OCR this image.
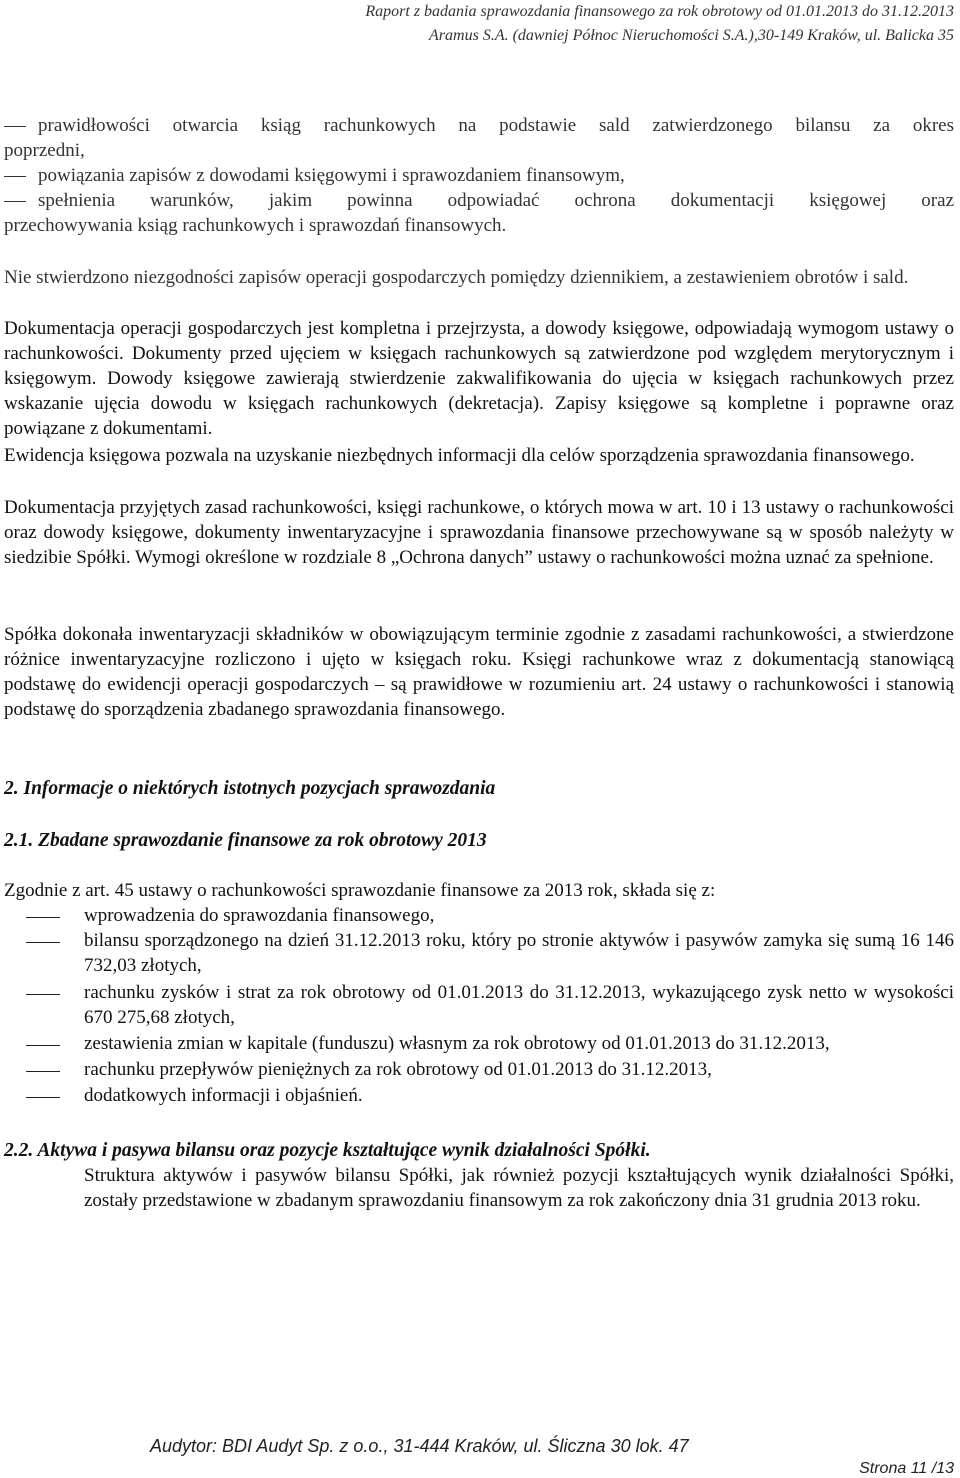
Raport z badania sprawozdania finansowego za rok obrotowy od 01.01.2013 do 31.12.2013
Aramus S.A. (dawniej Północ Nieruchomości S.A.),30-149 Kraków, ul. Balicka 35

prawidłowości otwarcia ksiąg rachunkowych na podstawie sald zatwierdzonego bilansu za okres

poprzedni,

powiązania zapisów z dowodami księgowymi i sprawozdaniem finansowym,

spełnienia warunków, jakim powinna odpowiadać ochrona dokumentacji księgowej oraz

przechowywania ksiąg rachunkowych i sprawozdań finansowych.

Nie stwierdzono niezgodności zapisów operacji gospodarczych pomiędzy dziennikiem, a zestawieniem obrotów i sald.

Dokumentacja operacji gospodarczych jest kompletna i przejrzysta, a dowody księgowe, odpowiadają wymogom ustawy o rachunkowości. Dokumenty przed ujęciem w księgach rachunkowych są zatwierdzone pod względem merytorycznym i księgowym. Dowody księgowe zawierają stwierdzenie zakwalifikowania do ujęcia w księgach rachunkowych przez wskazanie ujęcia dowodu w księgach rachunkowych (dekretacja). Zapisy księgowe są kompletne i poprawne oraz powiązane z dokumentami.

Ewidencja księgowa pozwala na uzyskanie niezbędnych informacji dla celów sporządzenia sprawozdania finansowego.

Dokumentacja przyjętych zasad rachunkowości, księgi rachunkowe, o których mowa w art. 10 i 13 ustawy o rachunkowości oraz dowody księgowe, dokumenty inwentaryzacyjne i sprawozdania finansowe przechowywane są w sposób należyty w siedzibie Spółki. Wymogi określone w rozdziale 8 „Ochrona danych” ustawy o rachunkowości można uznać za spełnione.

Spółka dokonała inwentaryzacji składników w obowiązującym terminie zgodnie z zasadami rachunkowości, a stwierdzone różnice inwentaryzacyjne rozliczono i ujęto w księgach roku. Księgi rachunkowe wraz z dokumentacją stanowiącą podstawę do ewidencji operacji gospodarczych – są prawidłowe w rozumieniu art. 24 ustawy o rachunkowości i stanowią podstawę do sporządzenia zbadanego sprawozdania finansowego.

2. Informacje o niektórych istotnych pozycjach sprawozdania
2.1. Zbadane sprawozdanie finansowe za rok obrotowy 2013

Zgodnie z art. 45 ustawy o rachunkowości sprawozdanie finansowe za 2013 rok, składa się z:

wprowadzenia do sprawozdania finansowego,

bilansu sporządzonego na dzień 31.12.2013 roku, który po stronie aktywów i pasywów zamyka się sumą 16 146 732,03 złotych,

rachunku zysków i strat za rok obrotowy od 01.01.2013 do 31.12.2013, wykazującego zysk netto w wysokości 670 275,68 złotych,

zestawienia zmian w kapitale (funduszu) własnym za rok obrotowy od 01.01.2013 do 31.12.2013,

rachunku przepływów pieniężnych za rok obrotowy od 01.01.2013 do 31.12.2013,

dodatkowych informacji i objaśnień.

2.2. Aktywa i pasywa bilansu oraz pozycje kształtujące wynik działalności Spółki.

Struktura aktywów i pasywów bilansu Spółki, jak również pozycji kształtujących wynik działalności Spółki, zostały przedstawione w zbadanym sprawozdaniu finansowym za rok zakończony dnia 31 grudnia 2013 roku.

Audytor: BDI Audyt Sp. z o.o., 31-444 Kraków, ul. Śliczna 30 lok. 47
Strona 11 /13
